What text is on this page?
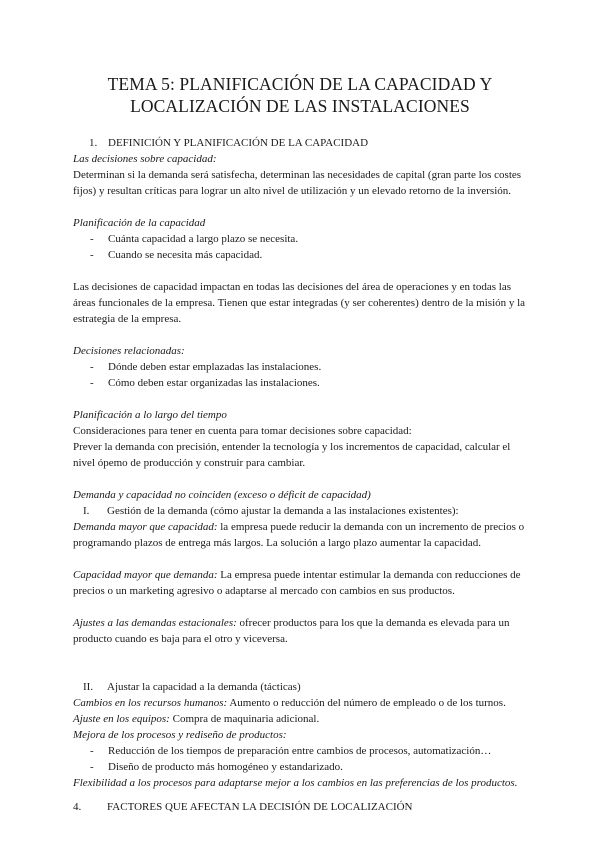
TEMA 5: PLANIFICACIÓN DE LA CAPACIDAD Y
LOCALIZACIÓN DE LAS INSTALACIONES

1. DEFINICIÓN Y PLANIFICACIÓN DE LA CAPACIDAD

Las decisiones sobre capacidad:

Determinan si la demanda será satisfecha, determinan las necesidades de capital (gran parte los costes fijos) y resultan críticas para lograr un alto nivel de utilización y un elevado retorno de la inversión.

Planificación de la capacidad

-	Cuánta capacidad a largo plazo se necesita.
-	Cuando se necesita más capacidad.

Las decisiones de capacidad impactan en todas las decisiones del área de operaciones y en todas las áreas funcionales de la empresa. Tienen que estar integradas (y ser coherentes) dentro de la misión y la estrategia de la empresa.

Decisiones relacionadas:

-	Dónde deben estar emplazadas las instalaciones.
-	Cómo deben estar organizadas las instalaciones.

Planificación a lo largo del tiempo

Consideraciones para tener en cuenta para tomar decisiones sobre capacidad:

Prever la demanda con precisión, entender la tecnología y los incrementos de capacidad, calcular el nivel ópemo de producción y construir para cambiar.

Demanda y capacidad no coinciden (exceso o déficit de capacidad)

I. Gestión de la demanda (cómo ajustar la demanda a las instalaciones existentes):

Demanda mayor que capacidad: la empresa puede reducir la demanda con un incremento de precios o programando plazos de entrega más largos. La solución a largo plazo aumentar la capacidad.

Capacidad mayor que demanda: La empresa puede intentar estimular la demanda con reducciones de precios o un marketing agresivo o adaptarse al mercado con cambios en sus productos.

Ajustes a las demandas estacionales: ofrecer productos para los que la demanda es elevada para un producto cuando es baja para el otro y viceversa.

II. Ajustar la capacidad a la demanda (tácticas)

Cambios en los recursos humanos: Aumento o reducción del número de empleado o de los turnos.

Ajuste en los equipos: Compra de maquinaria adicional.

Mejora de los procesos y rediseño de productos:

-	Reducción de los tiempos de preparación entre cambios de procesos, automatización…
-	Diseño de producto más homogéneo y estandarizado.

Flexibilidad a los procesos para adaptarse mejor a los cambios en las preferencias de los productos.

4. FACTORES QUE AFECTAN LA DECISIÓN DE LOCALIZACIÓN
